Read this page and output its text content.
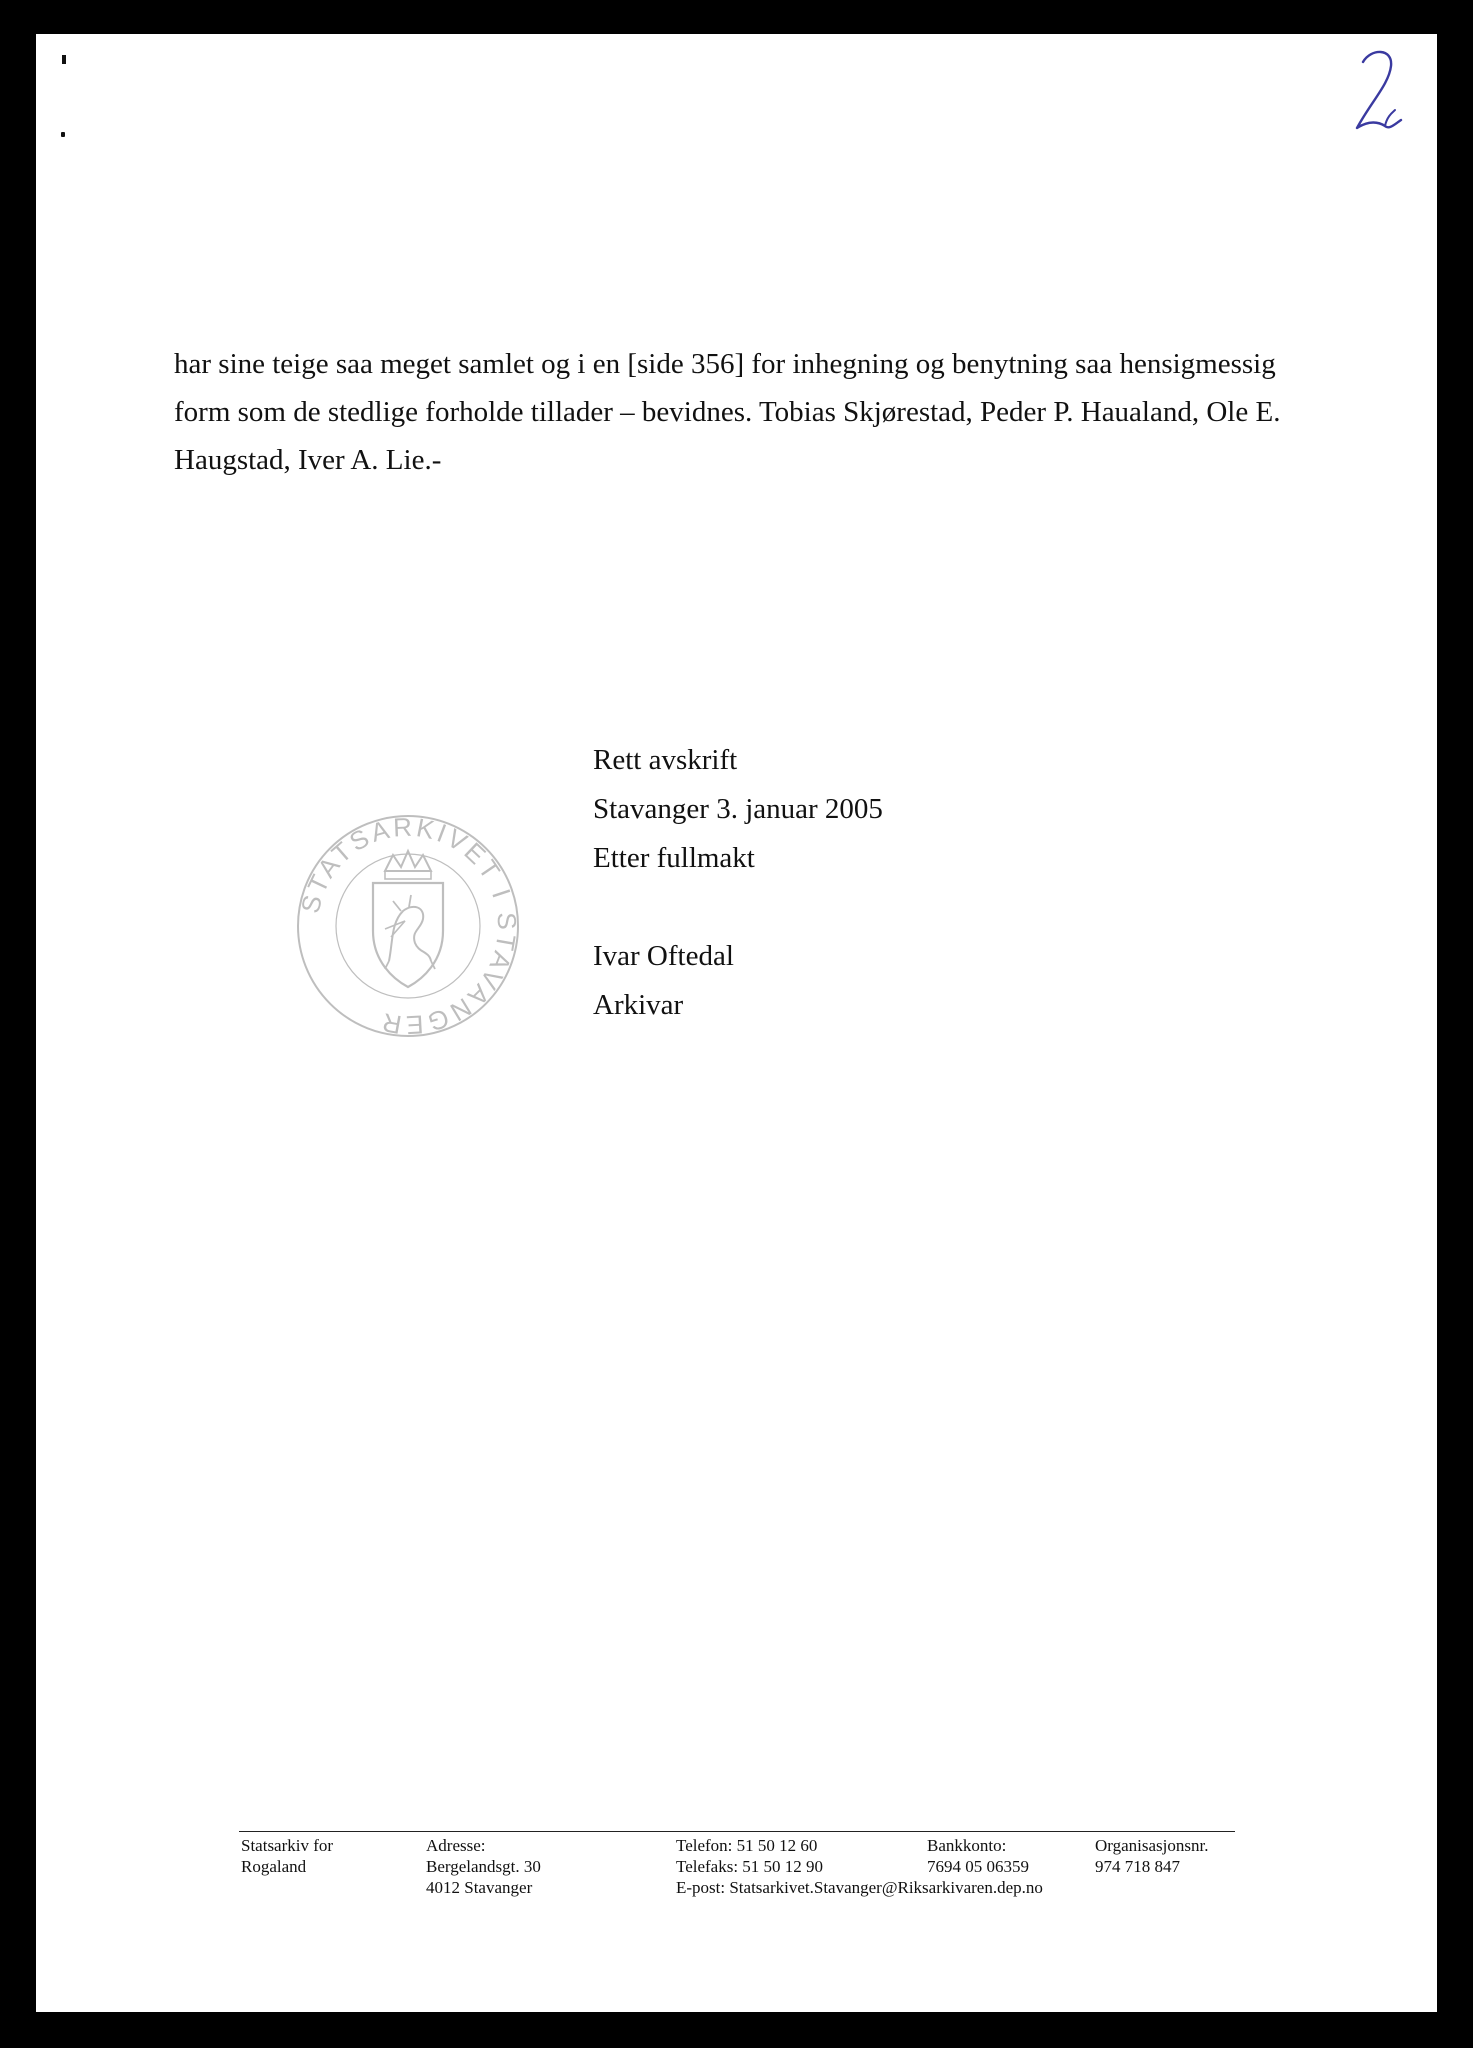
har sine teige saa meget samlet og i en [side 356] for inhegning og benytning saa hensigmessig
form som de stedlige forholde tillader – bevidnes. Tobias Skjørestad, Peder P. Haualand, Ole E.
Haugstad, Iver A. Lie.-

STATSARKIVET I STAVANGER
Rett avskrift
Stavanger 3. januar 2005
Etter fullmakt
Ivar Oftedal
Arkivar
Statsarkiv for
Rogaland
Adresse:
Bergelandsgt. 30
4012 Stavanger
Telefon: 51 50 12 60
Telefaks: 51 50 12 90
E-post: Statsarkivet.Stavanger@Riksarkivaren.dep.no
Bankkonto:
7694 05 06359
Organisasjonsnr.
974 718 847
